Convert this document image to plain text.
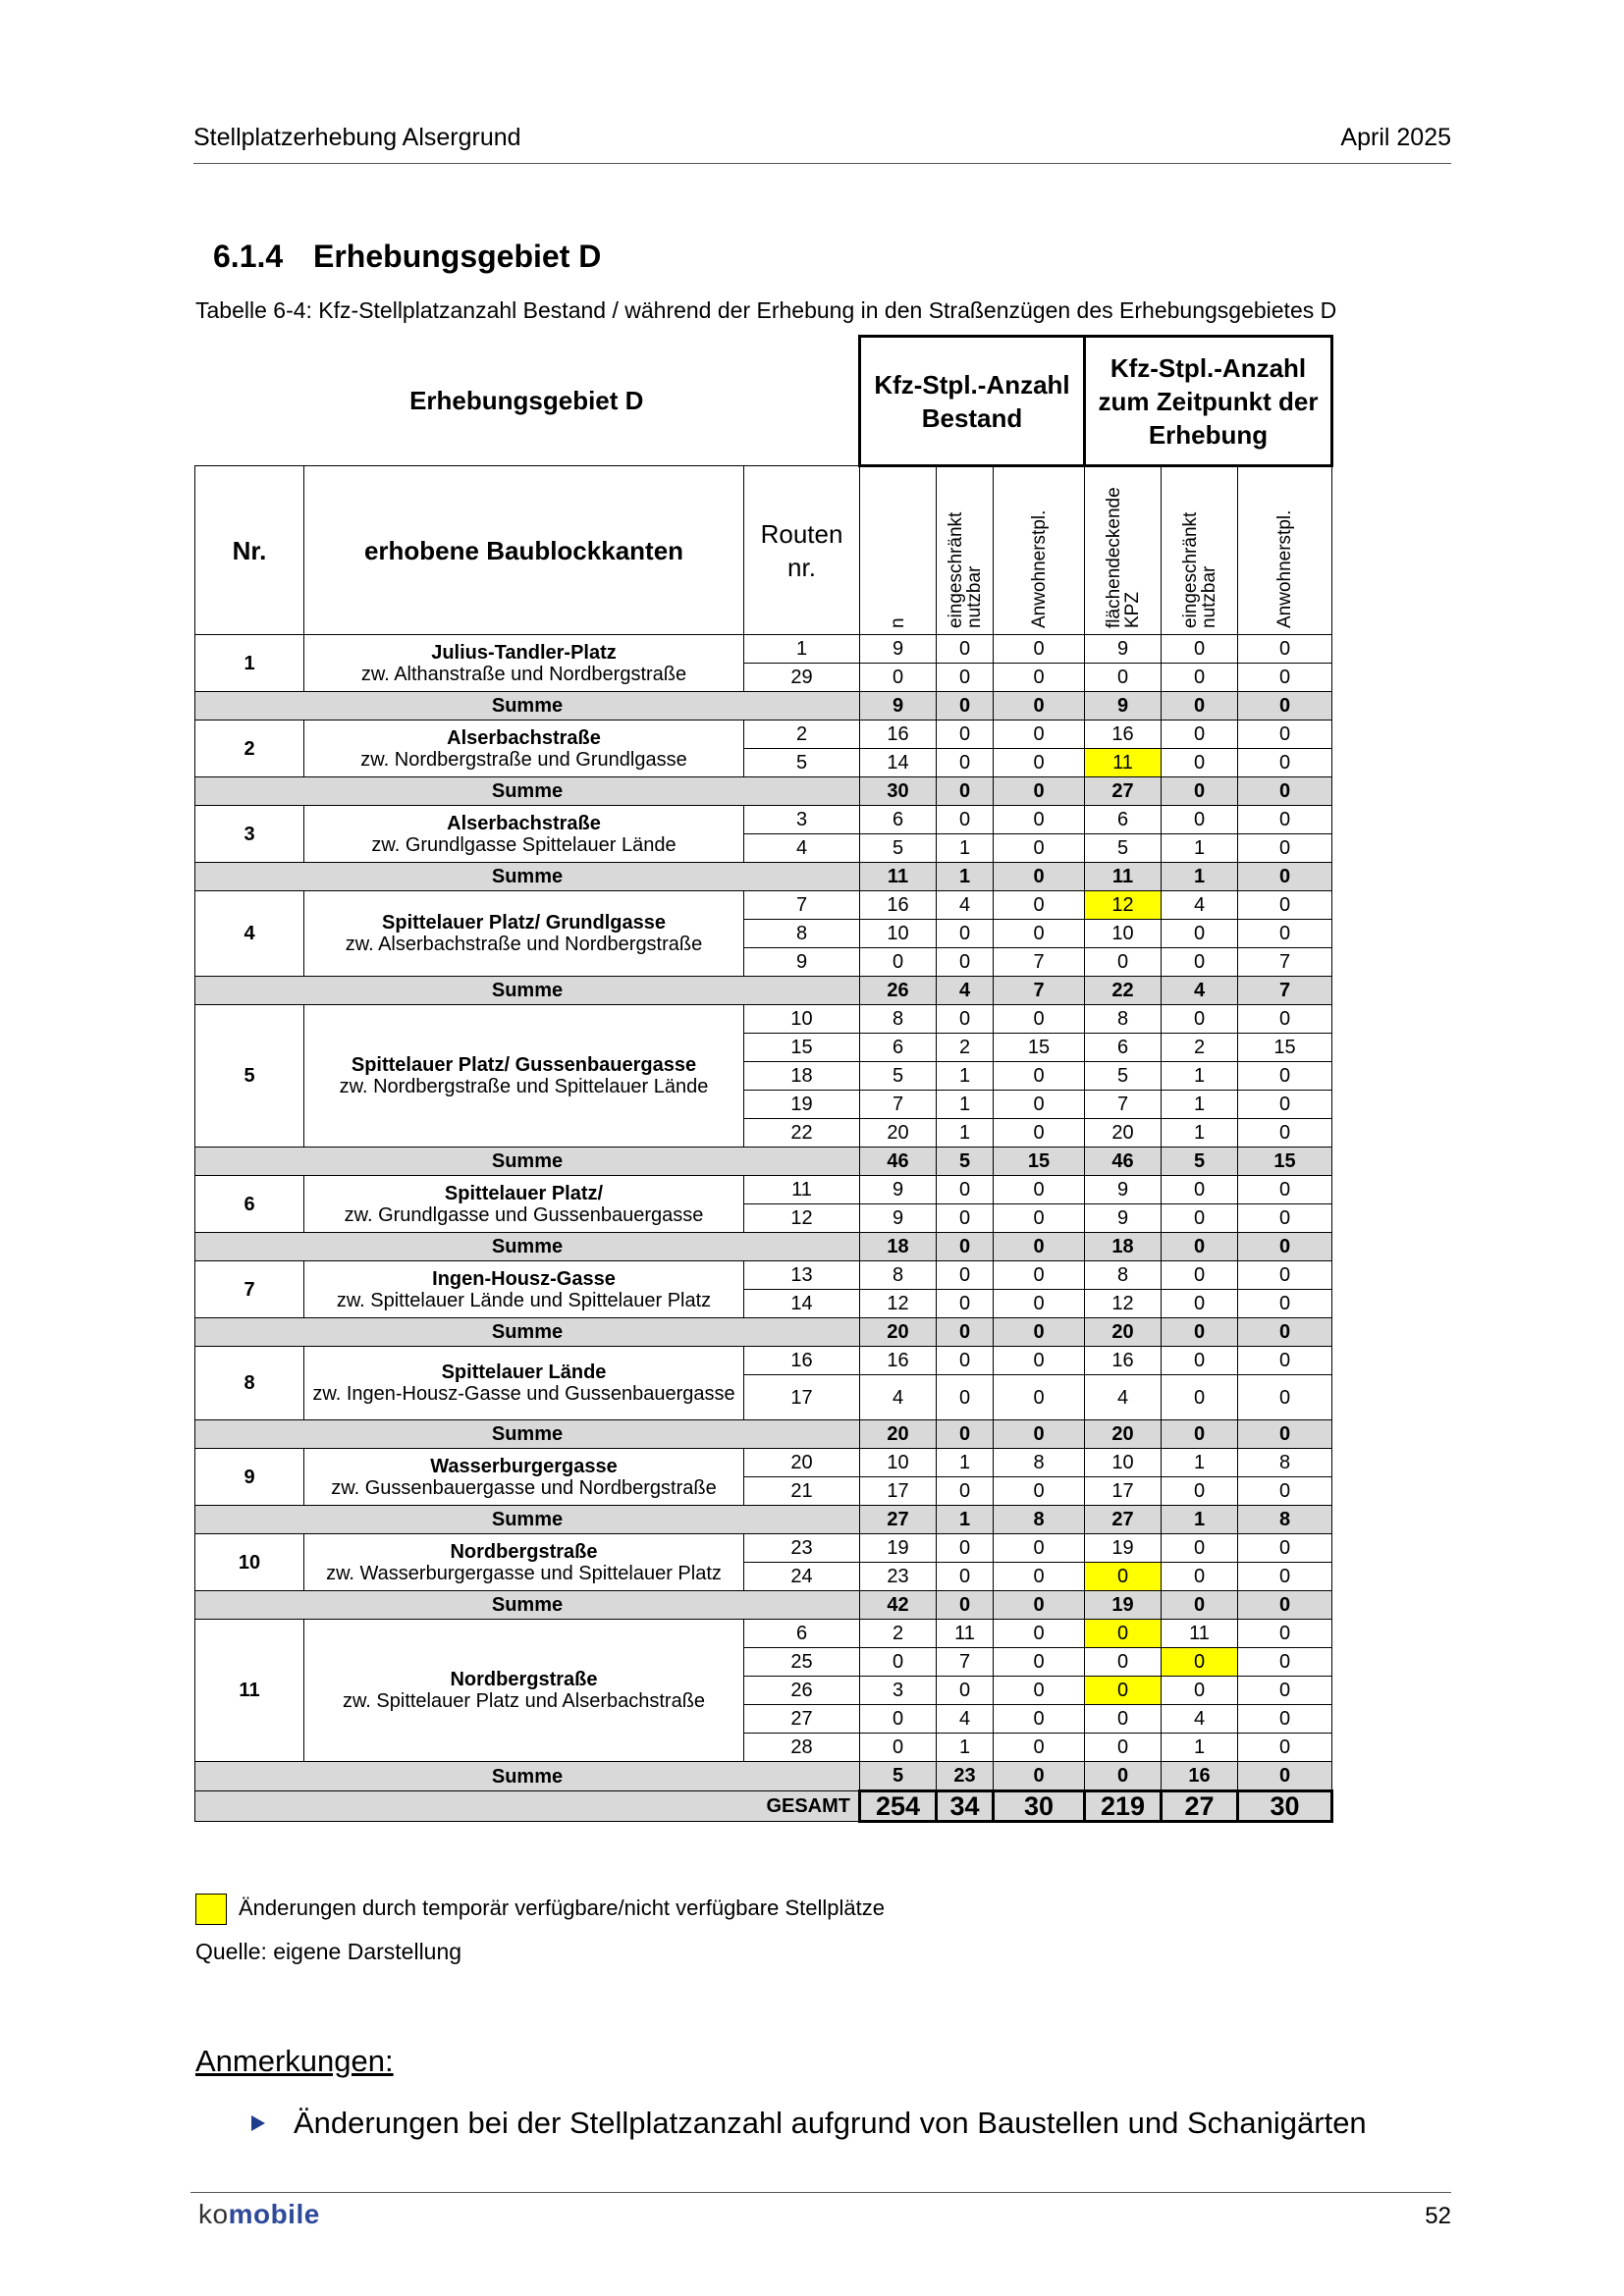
Stellplatzerhebung Alsergrund	April 2025
6.1.4 Erhebungsgebiet D
Tabelle 6-4: Kfz-Stellplatzanzahl Bestand / während der Erhebung in den Straßenzügen des Erhebungsgebietes D
Erhebungsgebiet D			Kfz-Stpl.-Anzahl Bestand			Kfz-Stpl.-Anzahl zum Zeitpunkt der Erhebung		
Nr.	erhobene Baublockkanten	Routen nr.	n	eingeschränkt nutzbar	Anwohnerstpl.	flächendeckende KPZ	eingeschränkt nutzbar	Anwohnerstpl.
1	Julius-Tandler-Platz
zw. Althanstraße und Nordbergstraße	1	9	0	0	9	0	0
		29	0	0	0	0	0	0
Summe			9	0	0	9	0	0
2	Alserbachstraße
zw. Nordbergstraße und Grundlgasse	2	16	0	0	16	0	0
		5	14	0	0	11	0	0
Summe			30	0	0	27	0	0
3	Alserbachstraße
zw. Grundlgasse Spittelauer Lände	3	6	0	0	6	0	0
		4	5	1	0	5	1	0
Summe			11	1	0	11	1	0
4	Spittelauer Platz/ Grundlgasse
zw. Alserbachstraße und Nordbergstraße	7	16	4	0	12	4	0
		8	10	0	0	10	0	0
		9	0	0	7	0	0	7
Summe			26	4	7	22	4	7
5	Spittelauer Platz/ Gussenbauergasse
zw. Nordbergstraße und Spittelauer Lände	10	8	0	0	8	0	0
		15	6	2	15	6	2	15
		18	5	1	0	5	1	0
		19	7	1	0	7	1	0
		22	20	1	0	20	1	0
Summe			46	5	15	46	5	15
6	Spittelauer Platz/
zw. Grundlgasse und Gussenbauergasse	11	9	0	0	9	0	0
		12	9	0	0	9	0	0
Summe			18	0	0	18	0	0
7	Ingen-Housz-Gasse
zw. Spittelauer Lände und Spittelauer Platz	13	8	0	0	8	0	0
		14	12	0	0	12	0	0
Summe			20	0	0	20	0	0
8	Spittelauer Lände
zw. Ingen-Housz-Gasse und Gussenbauergasse	16	16	0	0	16	0	0
		17	4	0	0	4	0	0
Summe			20	0	0	20	0	0
9	Wasserburgergasse
zw. Gussenbauergasse und Nordbergstraße	20	10	1	8	10	1	8
		21	17	0	0	17	0	0
Summe			27	1	8	27	1	8
10	Nordbergstraße
zw. Wasserburgergasse und Spittelauer Platz	23	19	0	0	19	0	0
		24	23	0	0	0	0	0
Summe			42	0	0	19	0	0
11	Nordbergstraße
zw. Spittelauer Platz und Alserbachstraße	6	2	11	0	0	11	0
		25	0	7	0	0	0	0
		26	3	0	0	0	0	0
		27	0	4	0	0	4	0
		28	0	1	0	0	1	0
Summe			5	23	0	0	16	0
GESAMT			254	34	30	219	27	30
Änderungen durch temporär verfügbare/nicht verfügbare Stellplätze
Quelle: eigene Darstellung
Anmerkungen:
Änderungen bei der Stellplatzanzahl aufgrund von Baustellen und Schanigärten
komobile	52
